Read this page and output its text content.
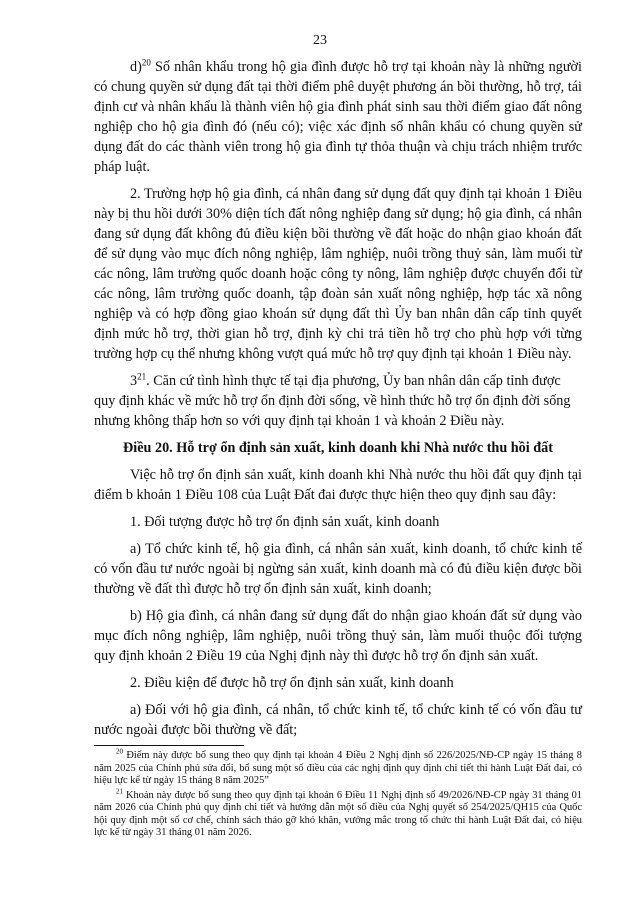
23

d)$^{20}$ Số nhân khẩu trong hộ gia đình được hỗ trợ tại khoản này là những người có chung quyền sử dụng đất tại thời điểm phê duyệt phương án bồi thường, hỗ trợ, tái định cư và nhân khẩu là thành viên hộ gia đình phát sinh sau thời điểm giao đất nông nghiệp cho hộ gia đình đó (nếu có); việc xác định số nhân khẩu có chung quyền sử dụng đất do các thành viên trong hộ gia đình tự thỏa thuận và chịu trách nhiệm trước pháp luật.

2. Trường hợp hộ gia đình, cá nhân đang sử dụng đất quy định tại khoản 1 Điều này bị thu hồi dưới 30% diện tích đất nông nghiệp đang sử dụng; hộ gia đình, cá nhân đang sử dụng đất không đủ điều kiện bồi thường về đất hoặc do nhận giao khoán đất để sử dụng vào mục đích nông nghiệp, lâm nghiệp, nuôi trồng thuỷ sản, làm muối từ các nông, lâm trường quốc doanh hoặc công ty nông, lâm nghiệp được chuyển đổi từ các nông, lâm trường quốc doanh, tập đoàn sản xuất nông nghiệp, hợp tác xã nông nghiệp và có hợp đồng giao khoán sử dụng đất thì Ủy ban nhân dân cấp tỉnh quyết định mức hỗ trợ, thời gian hỗ trợ, định kỳ chi trả tiền hỗ trợ cho phù hợp với từng trường hợp cụ thể nhưng không vượt quá mức hỗ trợ quy định tại khoản 1 Điều này.

$3^{21}$. Căn cứ tình hình thực tế tại địa phương, Ủy ban nhân dân cấp tỉnh được quy định khác về mức hỗ trợ ổn định đời sống, về hình thức hỗ trợ ổn định đời sống nhưng không thấp hơn so với quy định tại khoản 1 và khoản 2 Điều này.

Điều 20. Hỗ trợ ổn định sản xuất, kinh doanh khi Nhà nước thu hồi đất

Việc hỗ trợ ổn định sản xuất, kinh doanh khi Nhà nước thu hồi đất quy định tại điểm b khoản 1 Điều 108 của Luật Đất đai được thực hiện theo quy định sau đây:

1. Đối tượng được hỗ trợ ổn định sản xuất, kinh doanh

a) Tổ chức kinh tế, hộ gia đình, cá nhân sản xuất, kinh doanh, tổ chức kinh tế có vốn đầu tư nước ngoài bị ngừng sản xuất, kinh doanh mà có đủ điều kiện được bồi thường về đất thì được hỗ trợ ổn định sản xuất, kinh doanh;

b) Hộ gia đình, cá nhân đang sử dụng đất do nhận giao khoán đất sử dụng vào mục đích nông nghiệp, lâm nghiệp, nuôi trồng thuỷ sản, làm muối thuộc đối tượng quy định khoản 2 Điều 19 của Nghị định này thì được hỗ trợ ổn định sản xuất.

2. Điều kiện để được hỗ trợ ổn định sản xuất, kinh doanh

a) Đối với hộ gia đình, cá nhân, tổ chức kinh tế, tổ chức kinh tế có vốn đầu tư nước ngoài được bồi thường về đất;

$^{20}$ Điểm này được bổ sung theo quy định tại khoản 4 Điều 2 Nghị định số 226/2025/NĐ-CP ngày 15 tháng 8 năm 2025 của Chính phủ sửa đổi, bổ sung một số điều của các nghị định quy định chi tiết thi hành Luật Đất đai, có hiệu lực kể từ ngày 15 tháng 8 năm 2025”

$^{21}$ Khoản này được bổ sung theo quy định tại khoản 6 Điều 11 Nghị định số 49/2026/NĐ-CP ngày 31 tháng 01 năm 2026 của Chính phủ quy định chi tiết và hướng dẫn một số điều của Nghị quyết số 254/2025/QH15 của Quốc hội quy định một số cơ chế, chính sách tháo gỡ khó khăn, vướng mắc trong tổ chức thi hành Luật Đất đai, có hiệu lực kể từ ngày 31 tháng 01 năm 2026.
